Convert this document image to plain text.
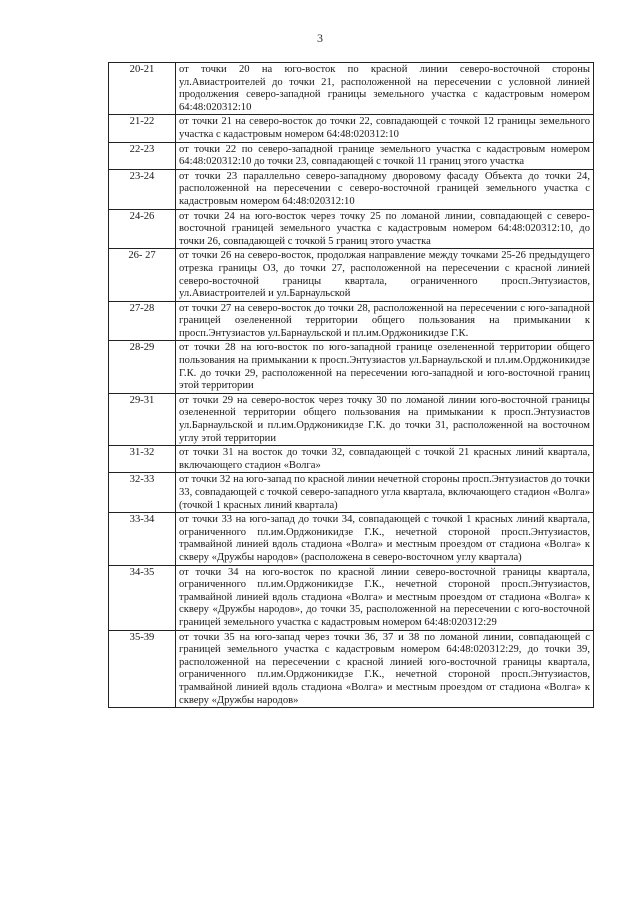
3
20-21	от точки 20 на юго-восток по красной линии северо-восточной стороны ул.Авиастроителей до точки 21, расположенной на пересечении с условной линией продолжения северо-западной границы земельного участка с кадастровым номером 64:48:020312:10
21-22	от точки 21 на северо-восток до точки 22, совпадающей с точкой 12 границы земельного участка с кадастровым номером 64:48:020312:10
22-23	от точки 22 по северо-западной границе земельного участка с кадастровым номером 64:48:020312:10 до точки 23, совпадающей с точкой 11 границ этого участка
23-24	от точки 23 параллельно северо-западному дворовому фасаду Объекта до точки 24, расположенной на пересечении с северо-восточной границей земельного участка с кадастровым номером 64:48:020312:10
24-26	от точки 24 на юго-восток через точку 25 по ломаной линии, совпадающей с северо-восточной границей земельного участка с кадастровым номером 64:48:020312:10, до точки 26, совпадающей с точкой 5 границ этого участка
26- 27	от точки 26 на северо-восток, продолжая направление между точками 25-26 предыдущего отрезка границы ОЗ, до точки 27, расположенной на пересечении с красной линией северо-восточной границы квартала, ограниченного просп.Энтузиастов, ул.Авиастроителей и ул.Барнаульской
27-28	от точки 27 на северо-восток до точки 28, расположенной на пересечении с юго-западной границей озелененной территории общего пользования на примыкании к просп.Энтузиастов ул.Барнаульской и пл.им.Орджоникидзе Г.К.
28-29	от точки 28 на юго-восток по юго-западной границе озелененной территории общего пользования на примыкании к просп.Энтузиастов ул.Барнаульской и пл.им.Орджоникидзе Г.К. до точки 29, расположенной на пересечении юго-западной и юго-восточной границ этой территории
29-31	от точки 29 на северо-восток через точку 30 по ломаной линии юго-восточной границы озелененной территории общего пользования на примыкании к просп.Энтузиастов ул.Барнаульской и пл.им.Орджоникидзе Г.К. до точки 31, расположенной на восточном углу этой территории
31-32	от точки 31 на восток до точки 32, совпадающей с точкой 21 красных линий квартала, включающего стадион «Волга»
32-33	от точки 32 на юго-запад по красной линии нечетной стороны просп.Энтузиастов до точки 33, совпадающей с точкой северо-западного угла квартала, включающего стадион «Волга» (точкой 1 красных линий квартала)
33-34	от точки 33 на юго-запад до точки 34, совпадающей с точкой 1 красных линий квартала, ограниченного пл.им.Орджоникидзе Г.К., нечетной стороной просп.Энтузиастов, трамвайной линией вдоль стадиона «Волга» и местным проездом от стадиона «Волга» к скверу «Дружбы народов» (расположена в северо-восточном углу квартала)
34-35	от точки 34 на юго-восток по красной линии северо-восточной границы квартала, ограниченного пл.им.Орджоникидзе Г.К., нечетной стороной просп.Энтузиастов, трамвайной линией вдоль стадиона «Волга» и местным проездом от стадиона «Волга» к скверу «Дружбы народов», до точки 35, расположенной на пересечении с юго-восточной границей земельного участка с кадастровым номером 64:48:020312:29
35-39	от точки 35 на юго-запад через точки 36, 37 и 38 по ломаной линии, совпадающей с границей земельного участка с кадастровым номером 64:48:020312:29, до точки 39, расположенной на пересечении с красной линией юго-восточной границы квартала, ограниченного пл.им.Орджоникидзе Г.К., нечетной стороной просп.Энтузиастов, трамвайной линией вдоль стадиона «Волга» и местным проездом от стадиона «Волга» к скверу «Дружбы народов»
